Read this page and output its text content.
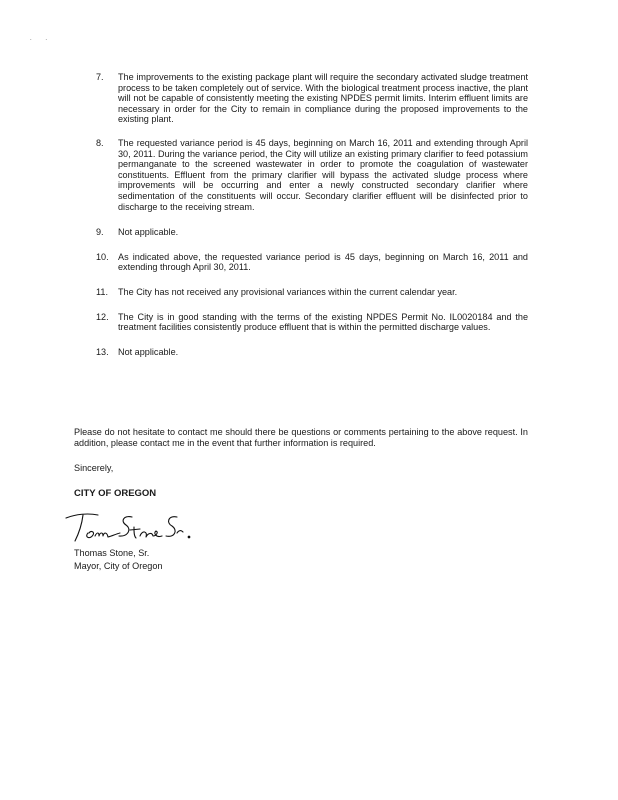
. .
7. The improvements to the existing package plant will require the secondary activated sludge treatment process to be taken completely out of service. With the biological treatment process inactive, the plant will not be capable of consistently meeting the existing NPDES permit limits. Interim effluent limits are necessary in order for the City to remain in compliance during the proposed improvements to the existing plant.
8. The requested variance period is 45 days, beginning on March 16, 2011 and extending through April 30, 2011. During the variance period, the City will utilize an existing primary clarifier to feed potassium permanganate to the screened wastewater in order to promote the coagulation of wastewater constituents. Effluent from the primary clarifier will bypass the activated sludge process where improvements will be occurring and enter a newly constructed secondary clarifier where sedimentation of the constituents will occur. Secondary clarifier effluent will be disinfected prior to discharge to the receiving stream.
9. Not applicable.
10. As indicated above, the requested variance period is 45 days, beginning on March 16, 2011 and extending through April 30, 2011.
11. The City has not received any provisional variances within the current calendar year.
12. The City is in good standing with the terms of the existing NPDES Permit No. IL0020184 and the treatment facilities consistently produce effluent that is within the permitted discharge values.
13. Not applicable.

Please do not hesitate to contact me should there be questions or comments pertaining to the above request. In addition, please contact me in the event that further information is required.

Sincerely,

CITY OF OREGON

Thomas Stone, Sr.

Mayor, City of Oregon
